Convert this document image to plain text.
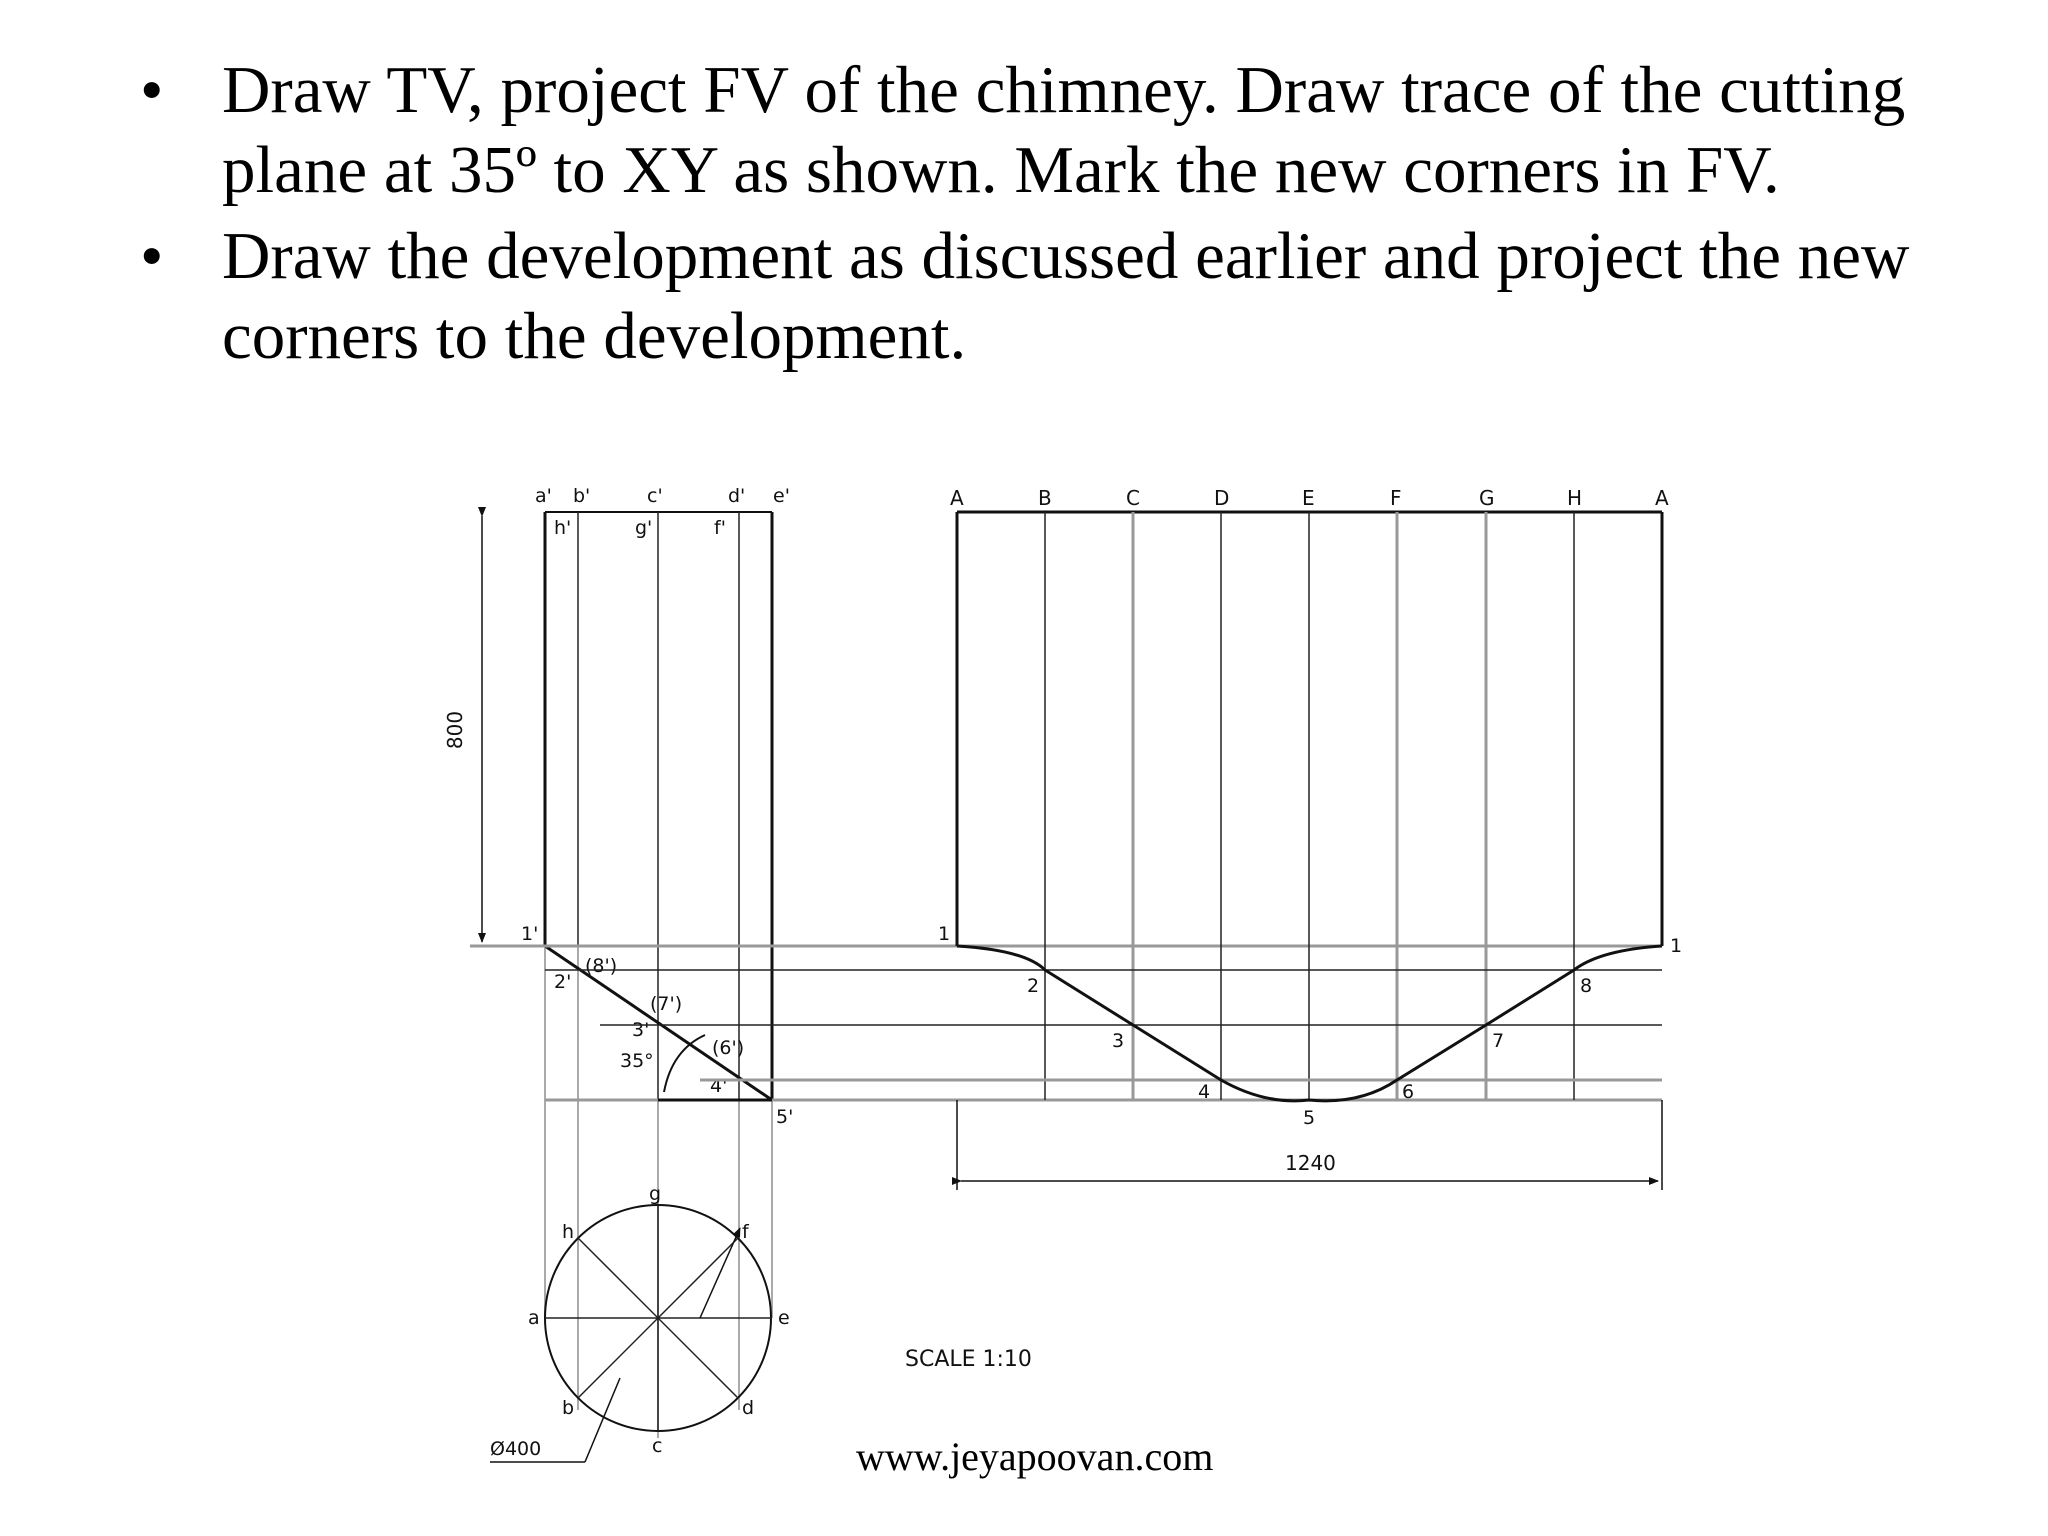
• Draw TV, project FV of the chimney. Draw trace of the cutting plane at 35º to XY as shown. Mark the new corners in FV.
• Draw the development as discussed earlier and project the new corners to the development.
800
a' b'	c'	d' e'
h'	g'	f'
1'
2'
(8')
(7')
3'
35°
(6')
4'
5'
Ø400
g
h	f
a	e
b	d
c
1240
A	B	C	D	E	F	G	H	A
1
2
3
4
5
6
7
8
1
SCALE 1:10
www.jeyapoovan.com
